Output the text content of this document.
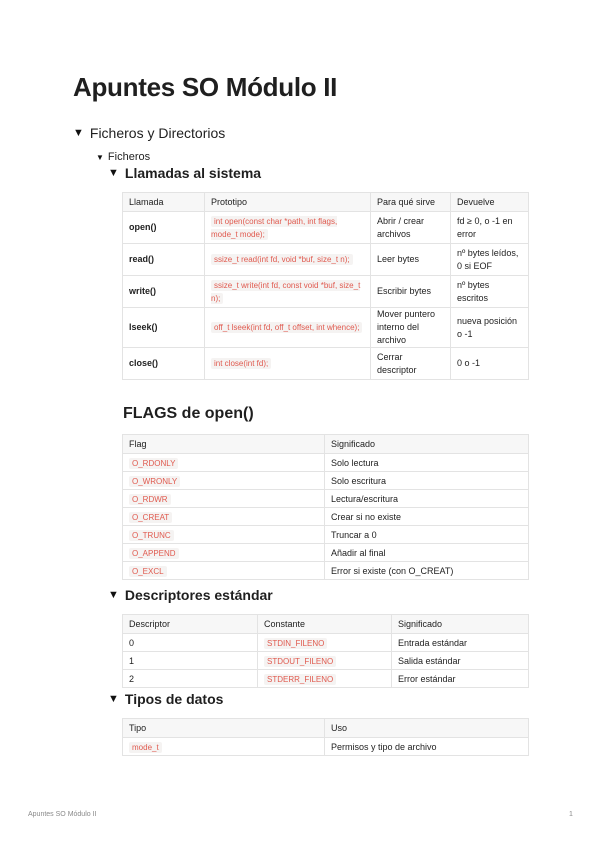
Apuntes SO Módulo II
▼ Ficheros y Directorios
▼ Ficheros
▼ Llamadas al sistema
Llamada	Prototipo	Para qué sirve	Devuelve
open()	int open(const char *path, int flags, mode_t mode);	Abrir / crear archivos	fd ≥ 0, o -1 en error
read()	ssize_t read(int fd, void *buf, size_t n);	Leer bytes	nº bytes leídos, 0 si EOF
write()	ssize_t write(int fd, const void *buf, size_t n);	Escribir bytes	nº bytes escritos
lseek()	off_t lseek(int fd, off_t offset, int whence);	Mover puntero interno del archivo	nueva posición o -1
close()	int close(int fd);	Cerrar descriptor	0 o -1
FLAGS de open()
Flag	Significado
O_RDONLY	Solo lectura
O_WRONLY	Solo escritura
O_RDWR	Lectura/escritura
O_CREAT	Crear si no existe
O_TRUNC	Truncar a 0
O_APPEND	Añadir al final
O_EXCL	Error si existe (con O_CREAT)
▼ Descriptores estándar
Descriptor	Constante	Significado
0	STDIN_FILENO	Entrada estándar
1	STDOUT_FILENO	Salida estándar
2	STDERR_FILENO	Error estándar
▼ Tipos de datos
Tipo	Uso
mode_t	Permisos y tipo de archivo
Apuntes SO Módulo II	1
